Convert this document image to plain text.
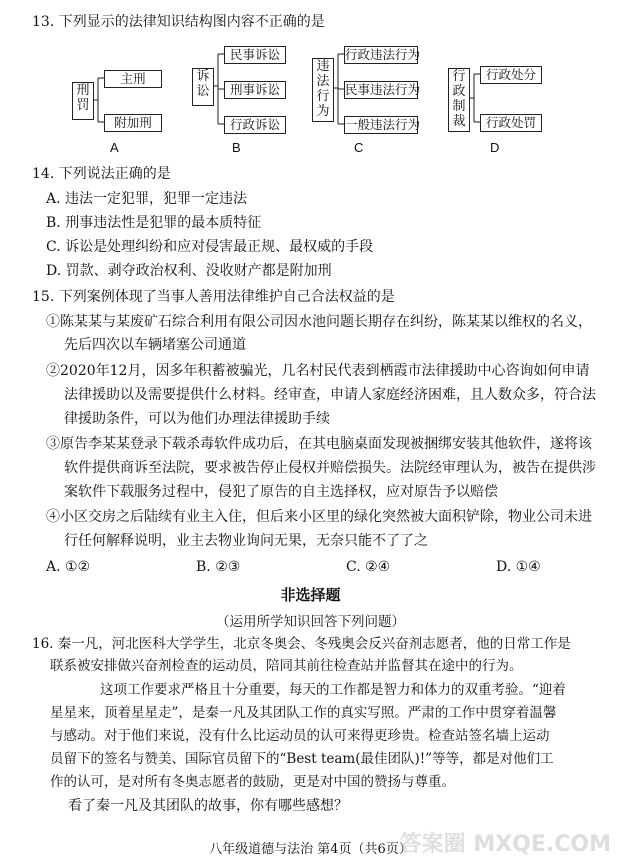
13. 下列显示的法律知识结构图内容不正确的是
刑
罚
主刑
附加刑
A
诉
讼
民事诉讼
刑事诉讼
行政诉讼
B
违
法
行
为
行政违法行为
民事违法行为
一般违法行为
C
行
政
制
裁
行政处分
行政处罚
D
14. 下列说法正确的是
A. 违法一定犯罪，犯罪一定违法
B. 刑事违法性是犯罪的最本质特征
C. 诉讼是处理纠纷和应对侵害最正规、最权威的手段
D. 罚款、剥夺政治权利、没收财产都是附加刑
15. 下列案例体现了当事人善用法律维护自己合法权益的是
①陈某某与某废矿石综合利用有限公司因水池问题长期存在纠纷，陈某某以维权的名义，
先后四次以车辆堵塞公司通道
②2020年12月，因多年积蓄被骗光，几名村民代表到栖霞市法律援助中心咨询如何申请
法律援助以及需要提供什么材料。经审查，申请人家庭经济困难，且人数众多，符合法
律援助条件，可以为他们办理法律援助手续
③原告李某某登录下载杀毒软件成功后，在其电脑桌面发现被捆绑安装其他软件，遂将该
软件提供商诉至法院，要求被告停止侵权并赔偿损失。法院经审理认为，被告在提供涉
案软件下载服务过程中，侵犯了原告的自主选择权，应对原告予以赔偿
④小区交房之后陆续有业主入住，但后来小区里的绿化突然被大面积铲除，物业公司未进
行任何解释说明，业主去物业询问无果，无奈只能不了了之
A. ①②	B. ②③	C. ②④	D. ①④
非选择题
（运用所学知识回答下列问题）
16. 秦一凡，河北医科大学学生，北京冬奥会、冬残奥会反兴奋剂志愿者，他的日常工作是
联系被安排做兴奋剂检查的运动员，陪同其前往检查站并监督其在途中的行为。
这项工作要求严格且十分重要，每天的工作都是智力和体力的双重考验。“迎着
星星来，顶着星星走”，是秦一凡及其团队工作的真实写照。严肃的工作中贯穿着温馨
与感动。对于他们来说，没有什么比运动员的认可来得更珍贵。检查站签名墙上运动
员留下的签名与赞美、国际官员留下的“Best team(最佳团队)!”等等，都是对他们工
作的认可，是对所有冬奥志愿者的鼓励，更是对中国的赞扬与尊重。
看了秦一凡及其团队的故事，你有哪些感想？
八年级道德与法治 第4页（共6页）
答案圈 MXQE.COM
